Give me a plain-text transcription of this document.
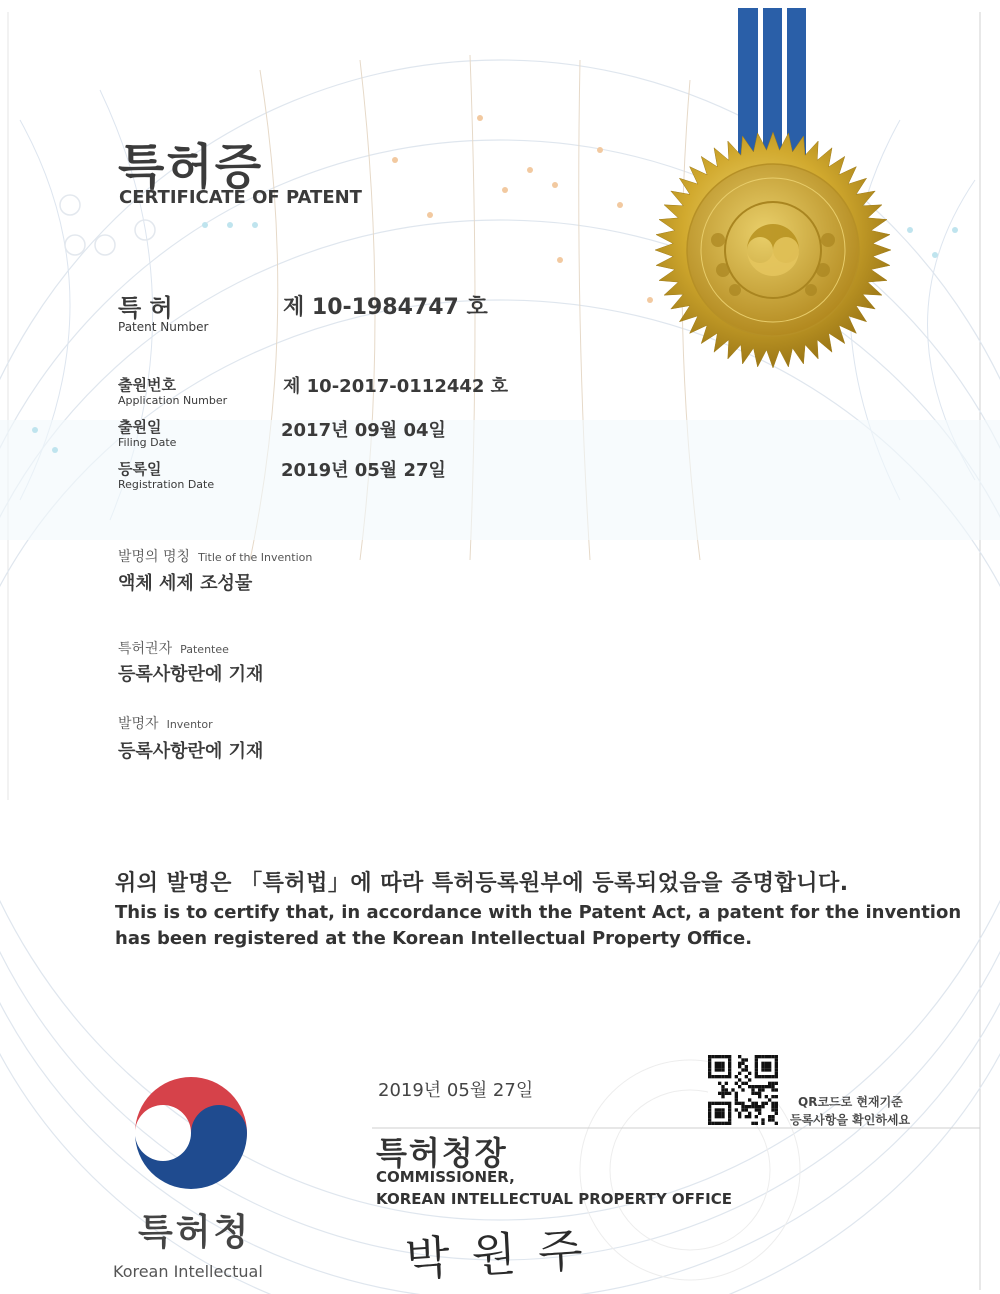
특허증
CERTIFICATE OF PATENT
특 허
Patent Number
제 10-1984747 호
출원번호
Application Number
제 10-2017-0112442 호
출원일
Filing Date
2017년 09월 04일
등록일
Registration Date
2019년 05월 27일
발명의 명칭 Title of the Invention
액체 세제 조성물
특허권자 Patentee
등록사항란에 기재
발명자 Inventor
등록사항란에 기재
위의 발명은 「특허법」에 따라 특허등록원부에 등록되었음을 증명합니다.
This is to certify that, in accordance with the Patent Act, a patent for the invention
has been registered at the Korean Intellectual Property Office.
2019년 05월 27일
QR코드로 현재기준
등록사항을 확인하세요
특허청장
COMMISSIONER,
KOREAN INTELLECTUAL PROPERTY OFFICE
박원주
특허청
Korean Intellectual
